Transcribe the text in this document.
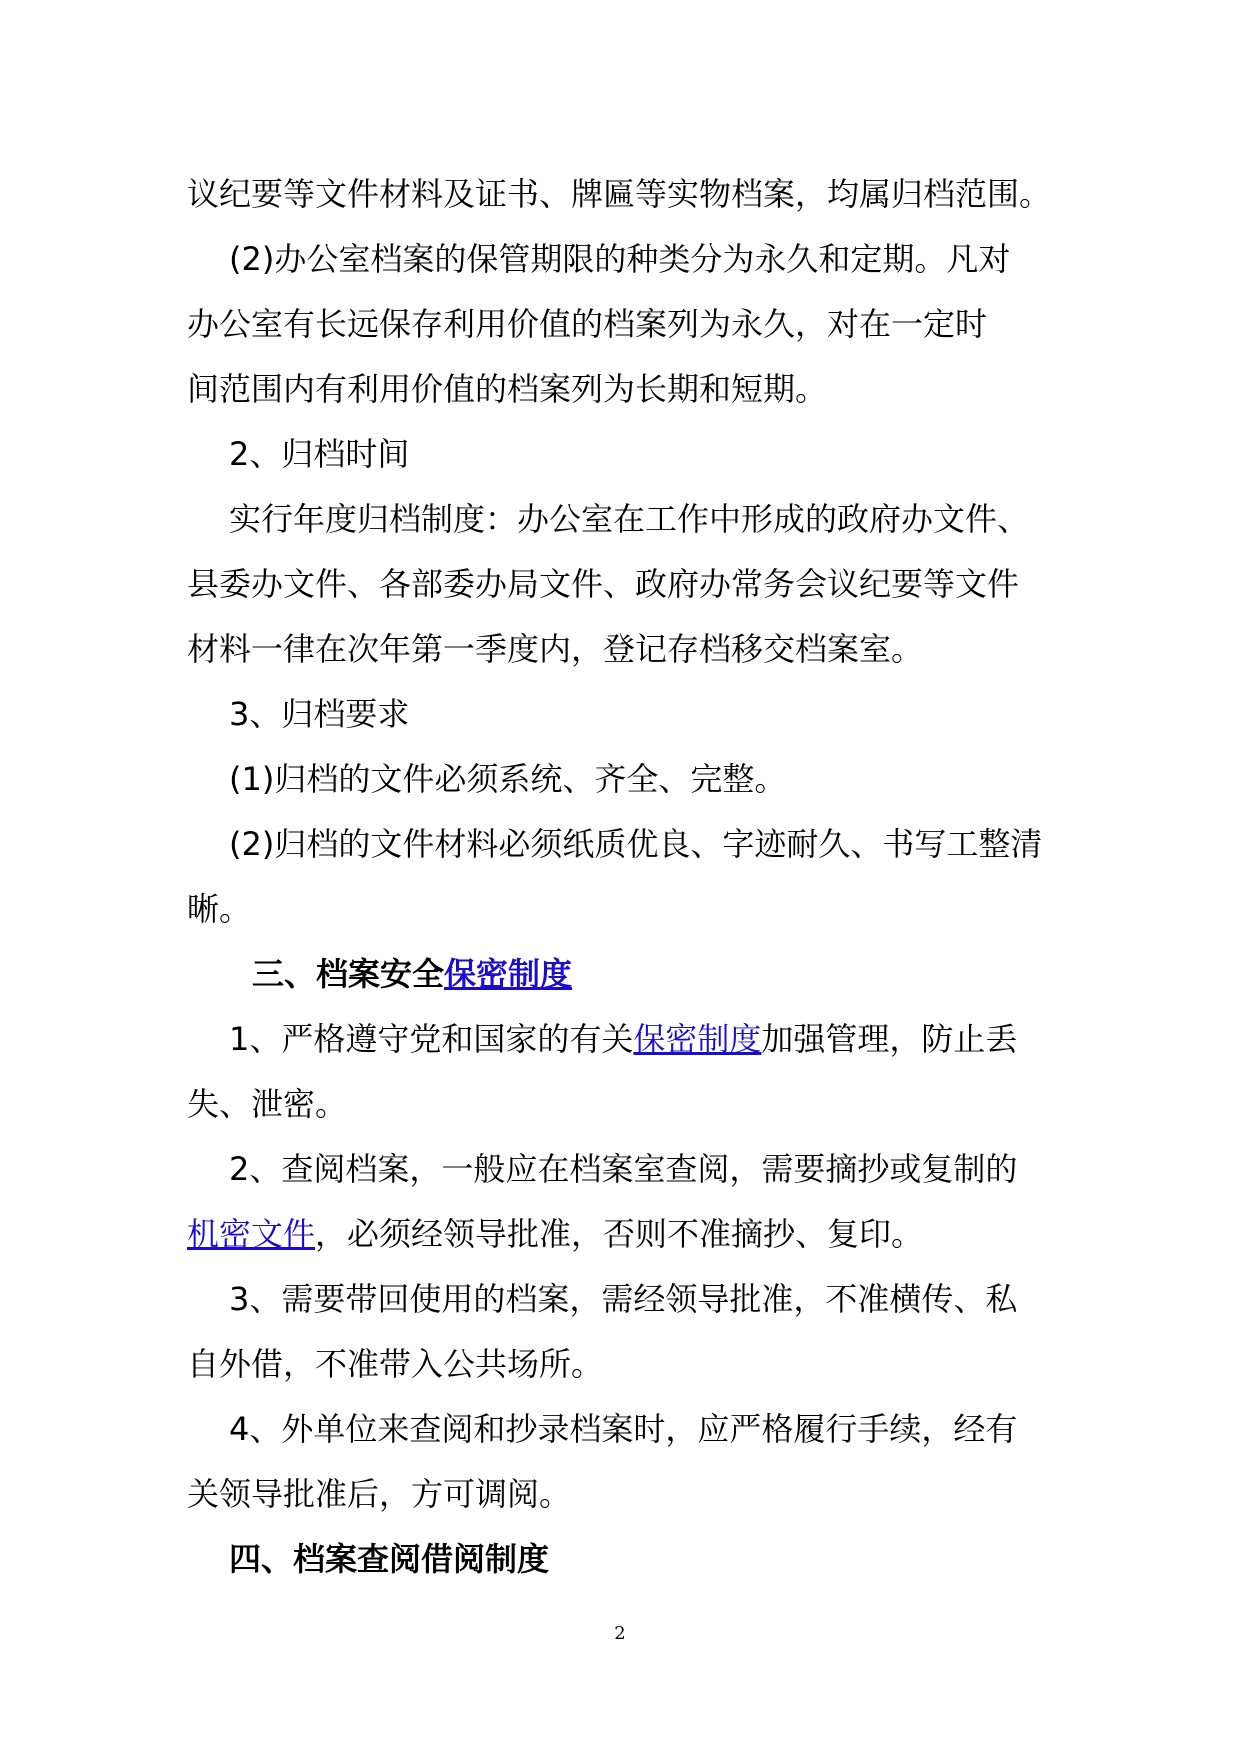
议纪要等文件材料及证书、牌匾等实物档案，均属归档范围。

(2)办公室档案的保管期限的种类分为永久和定期。凡对

办公室有长远保存利用价值的档案列为永久，对在一定时

间范围内有利用价值的档案列为长期和短期。

2、归档时间

实行年度归档制度：办公室在工作中形成的政府办文件、

县委办文件、各部委办局文件、政府办常务会议纪要等文件

材料一律在次年第一季度内，登记存档移交档案室。

3、归档要求

(1)归档的文件必须系统、齐全、完整。

(2)归档的文件材料必须纸质优良、字迹耐久、书写工整清

晰。

三、档案安全保密制度

1、严格遵守党和国家的有关保密制度加强管理，防止丢

失、泄密。

2、查阅档案，一般应在档案室查阅，需要摘抄或复制的

机密文件，必须经领导批准，否则不准摘抄、复印。

3、需要带回使用的档案，需经领导批准，不准横传、私

自外借，不准带入公共场所。

4、外单位来查阅和抄录档案时，应严格履行手续，经有

关领导批准后，方可调阅。

四、档案查阅借阅制度

2
